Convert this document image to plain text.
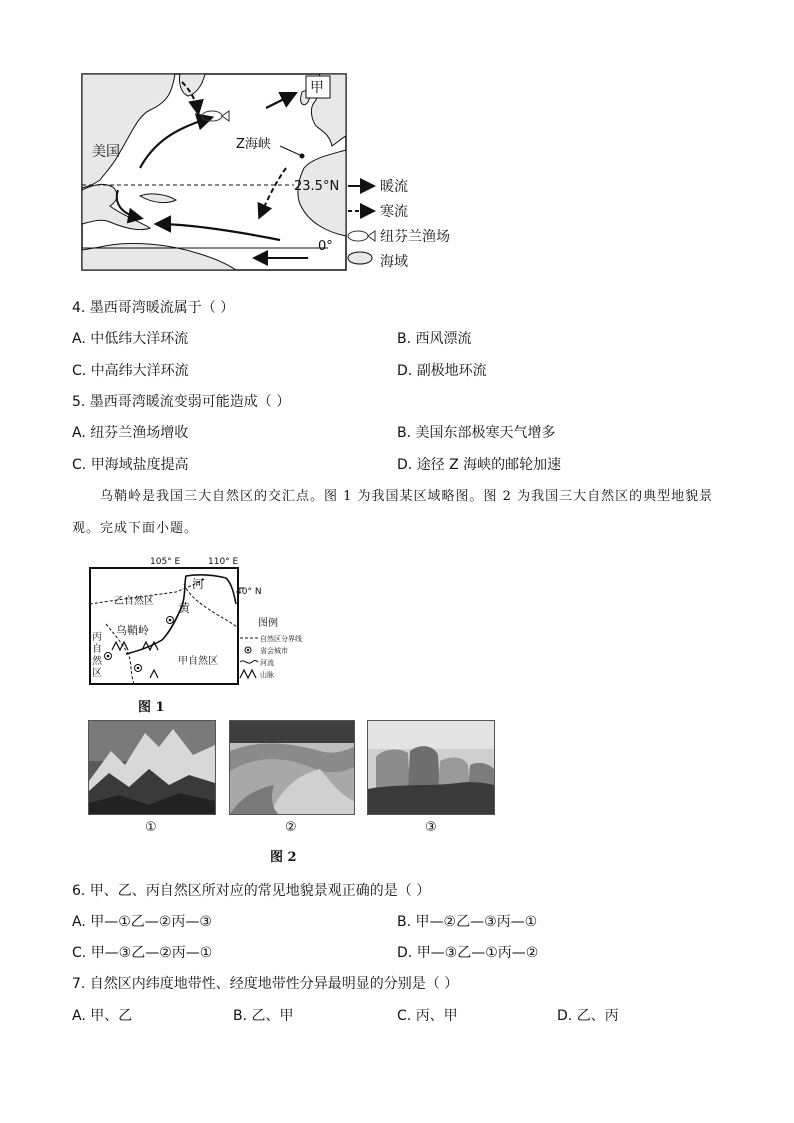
甲
美国	Z海峡
23.5°N
0°
暖流
寒流
纽芬兰渔场
海域
4. 墨西哥湾暖流属于（ ）
A. 中低纬大洋环流	B. 西风漂流
C. 中高纬大洋环流	D. 副极地环流
5. 墨西哥湾暖流变弱可能造成（ ）
A. 纽芬兰渔场增收	B. 美国东部极寒天气增多
C. 甲海域盐度提高	D. 途径 Z 海峡的邮轮加速
乌鞘岭是我国三大自然区的交汇点。图 1 为我国某区域略图。图 2 为我国三大自然区的典型地貌景
观。完成下面小题。
105° E	110° E
40° N
河
黄
乙自然区
甲自然区
乌鞘岭
丙
自
然
区
图例
自然区分界线
省会城市
河流
山脉
图 1
①	②	③
图 2
6. 甲、乙、丙自然区所对应的常见地貌景观正确的是（ ）
A. 甲—①乙—②丙—③	B. 甲—②乙—③丙—①
C. 甲—③乙—②丙—①	D. 甲—③乙—①丙—②
7. 自然区内纬度地带性、经度地带性分异最明显的分别是（ ）
A. 甲、乙	B. 乙、甲	C. 丙、甲	D. 乙、丙
